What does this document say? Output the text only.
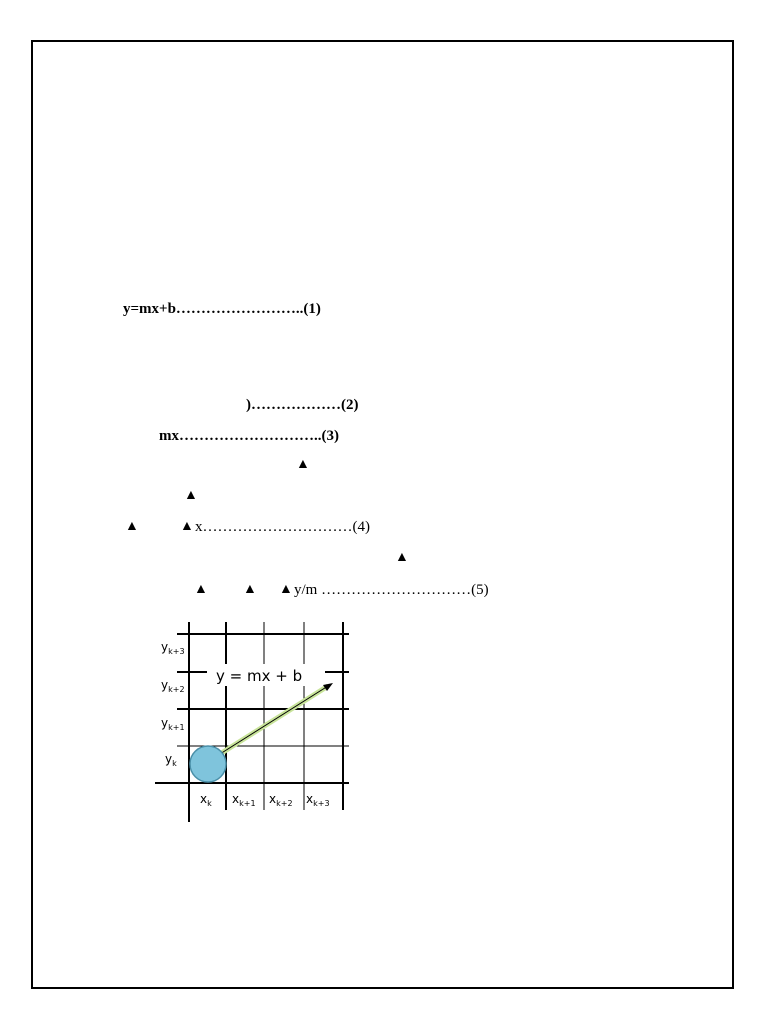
y=mx+b……………………..(1)
)………………(2)
mx………………………..(3)
▲
▲
▲	▲ x…………………………(4)
▲
▲	▲ ▲ y/m …………………………(5)
y = mx + b
$y_{k+3}$
$y_{k+2}$
$y_{k+1}$
$y_k$
$x_k$ $x_{k+1}$ $x_{k+2}$ $x_{k+3}$
